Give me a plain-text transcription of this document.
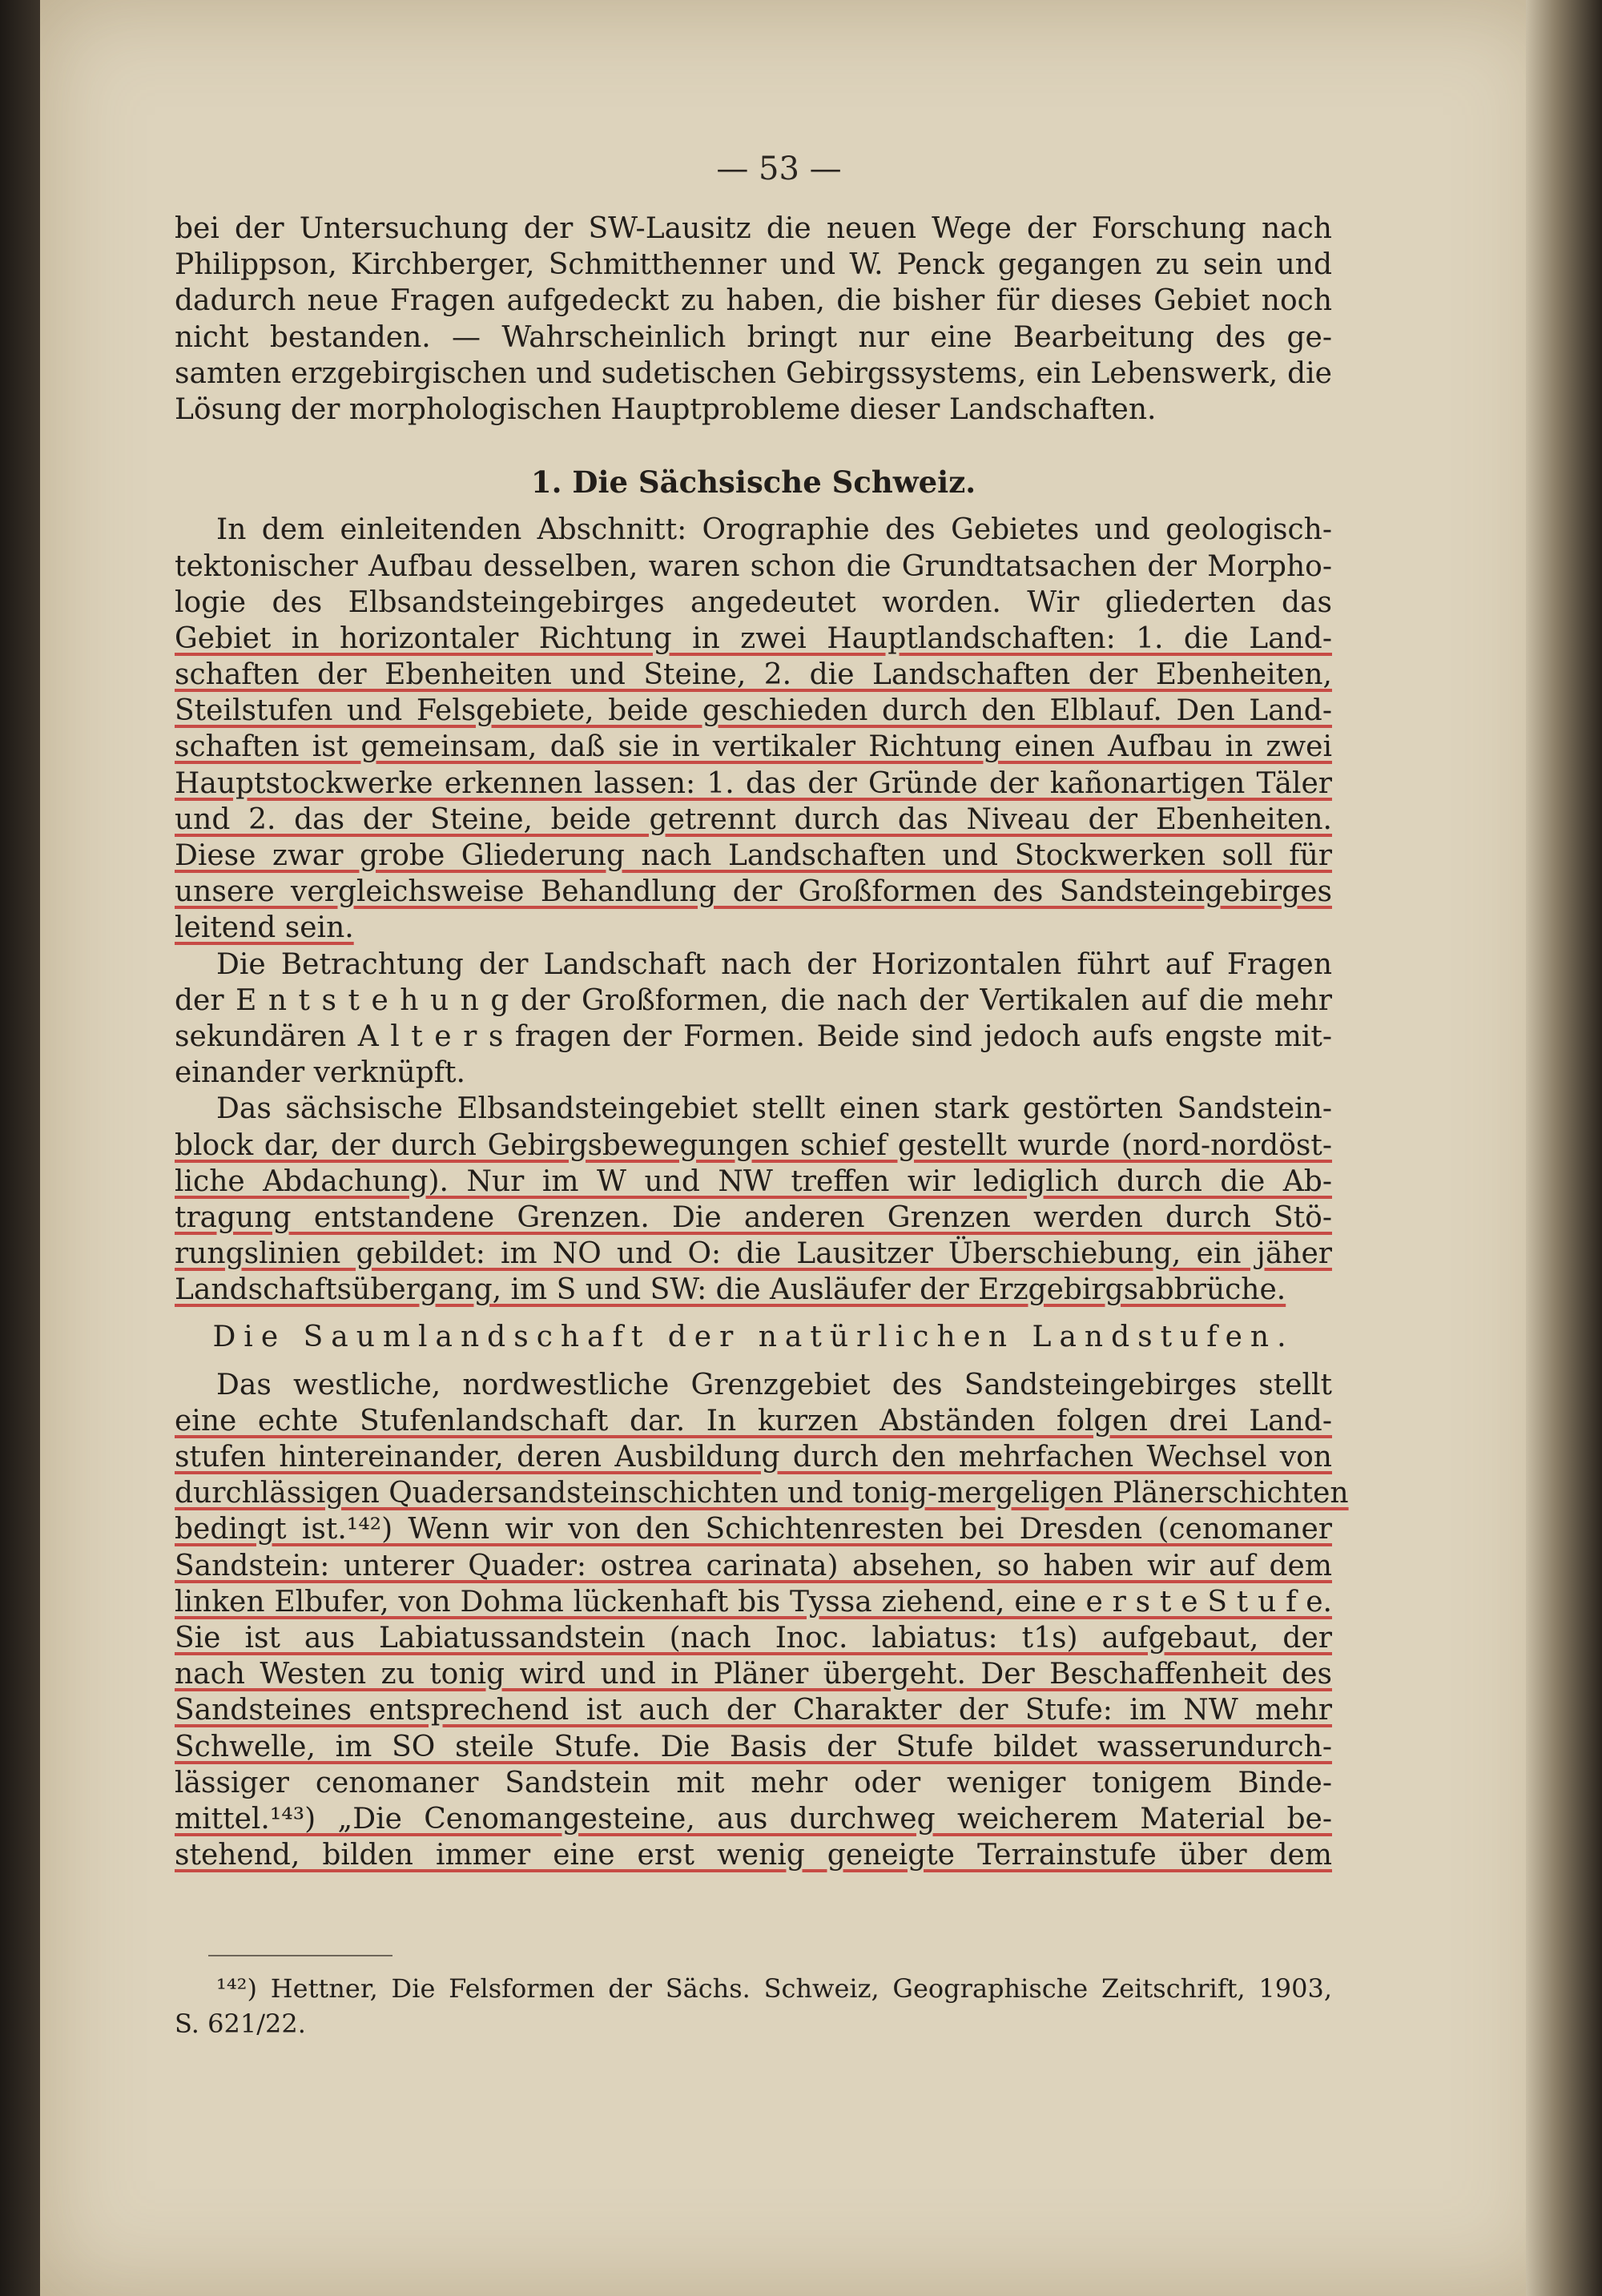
— 53 —
bei der Untersuchung der SW-Lausitz die neuen Wege der Forschung nach
Philippson, Kirchberger, Schmitthenner und W. Penck gegangen zu sein und
dadurch neue Fragen aufgedeckt zu haben, die bisher für dieses Gebiet noch
nicht bestanden. — Wahrscheinlich bringt nur eine Bearbeitung des ge-
samten erzgebirgischen und sudetischen Gebirgssystems, ein Lebenswerk, die
Lösung der morphologischen Hauptprobleme dieser Landschaften.
1. Die Sächsische Schweiz.
In dem einleitenden Abschnitt: Orographie des Gebietes und geologisch-
tektonischer Aufbau desselben, waren schon die Grundtatsachen der Morpho-
logie des Elbsandsteingebirges angedeutet worden. Wir gliederten das
Gebiet in horizontaler Richtung in zwei Hauptlandschaften: 1. die Land-
schaften der Ebenheiten und Steine, 2. die Landschaften der Ebenheiten,
Steilstufen und Felsgebiete, beide geschieden durch den Elblauf. Den Land-
schaften ist gemeinsam, daß sie in vertikaler Richtung einen Aufbau in zwei
Hauptstockwerke erkennen lassen: 1. das der Gründe der kañonartigen Täler
und 2. das der Steine, beide getrennt durch das Niveau der Ebenheiten.
Diese zwar grobe Gliederung nach Landschaften und Stockwerken soll für
unsere vergleichsweise Behandlung der Großformen des Sandsteingebirges
leitend sein.
Die Betrachtung der Landschaft nach der Horizontalen führt auf Fragen
der E n t s t e h u n g der Großformen, die nach der Vertikalen auf die mehr
sekundären A l t e r s fragen der Formen. Beide sind jedoch aufs engste mit-
einander verknüpft.
Das sächsische Elbsandsteingebiet stellt einen stark gestörten Sandstein-
block dar, der durch Gebirgsbewegungen schief gestellt wurde (nord-nordöst-
liche Abdachung). Nur im W und NW treffen wir lediglich durch die Ab-
tragung entstandene Grenzen. Die anderen Grenzen werden durch Stö-
rungslinien gebildet: im NO und O: die Lausitzer Überschiebung, ein jäher
Landschaftsübergang, im S und SW: die Ausläufer der Erzgebirgsabbrüche.
Die Saumlandschaft der natürlichen Landstufen.
Das westliche, nordwestliche Grenzgebiet des Sandsteingebirges stellt
eine echte Stufenlandschaft dar. In kurzen Abständen folgen drei Land-
stufen hintereinander, deren Ausbildung durch den mehrfachen Wechsel von
durchlässigen Quadersandsteinschichten und tonig-mergeligen Plänerschichten
bedingt ist.¹⁴²) Wenn wir von den Schichtenresten bei Dresden (cenomaner
Sandstein: unterer Quader: ostrea carinata) absehen, so haben wir auf dem
linken Elbufer, von Dohma lückenhaft bis Tyssa ziehend, eine e r s t e S t u f e.
Sie ist aus Labiatussandstein (nach Inoc. labiatus: t1s) aufgebaut, der
nach Westen zu tonig wird und in Pläner übergeht. Der Beschaffenheit des
Sandsteines entsprechend ist auch der Charakter der Stufe: im NW mehr
Schwelle, im SO steile Stufe. Die Basis der Stufe bildet wasserundurch-
lässiger cenomaner Sandstein mit mehr oder weniger tonigem Binde-
mittel.¹⁴³) „Die Cenomangesteine, aus durchweg weicherem Material be-
stehend, bilden immer eine erst wenig geneigte Terrainstufe über dem
¹⁴²) Hettner, Die Felsformen der Sächs. Schweiz, Geographische Zeitschrift, 1903,
S. 621/22.
